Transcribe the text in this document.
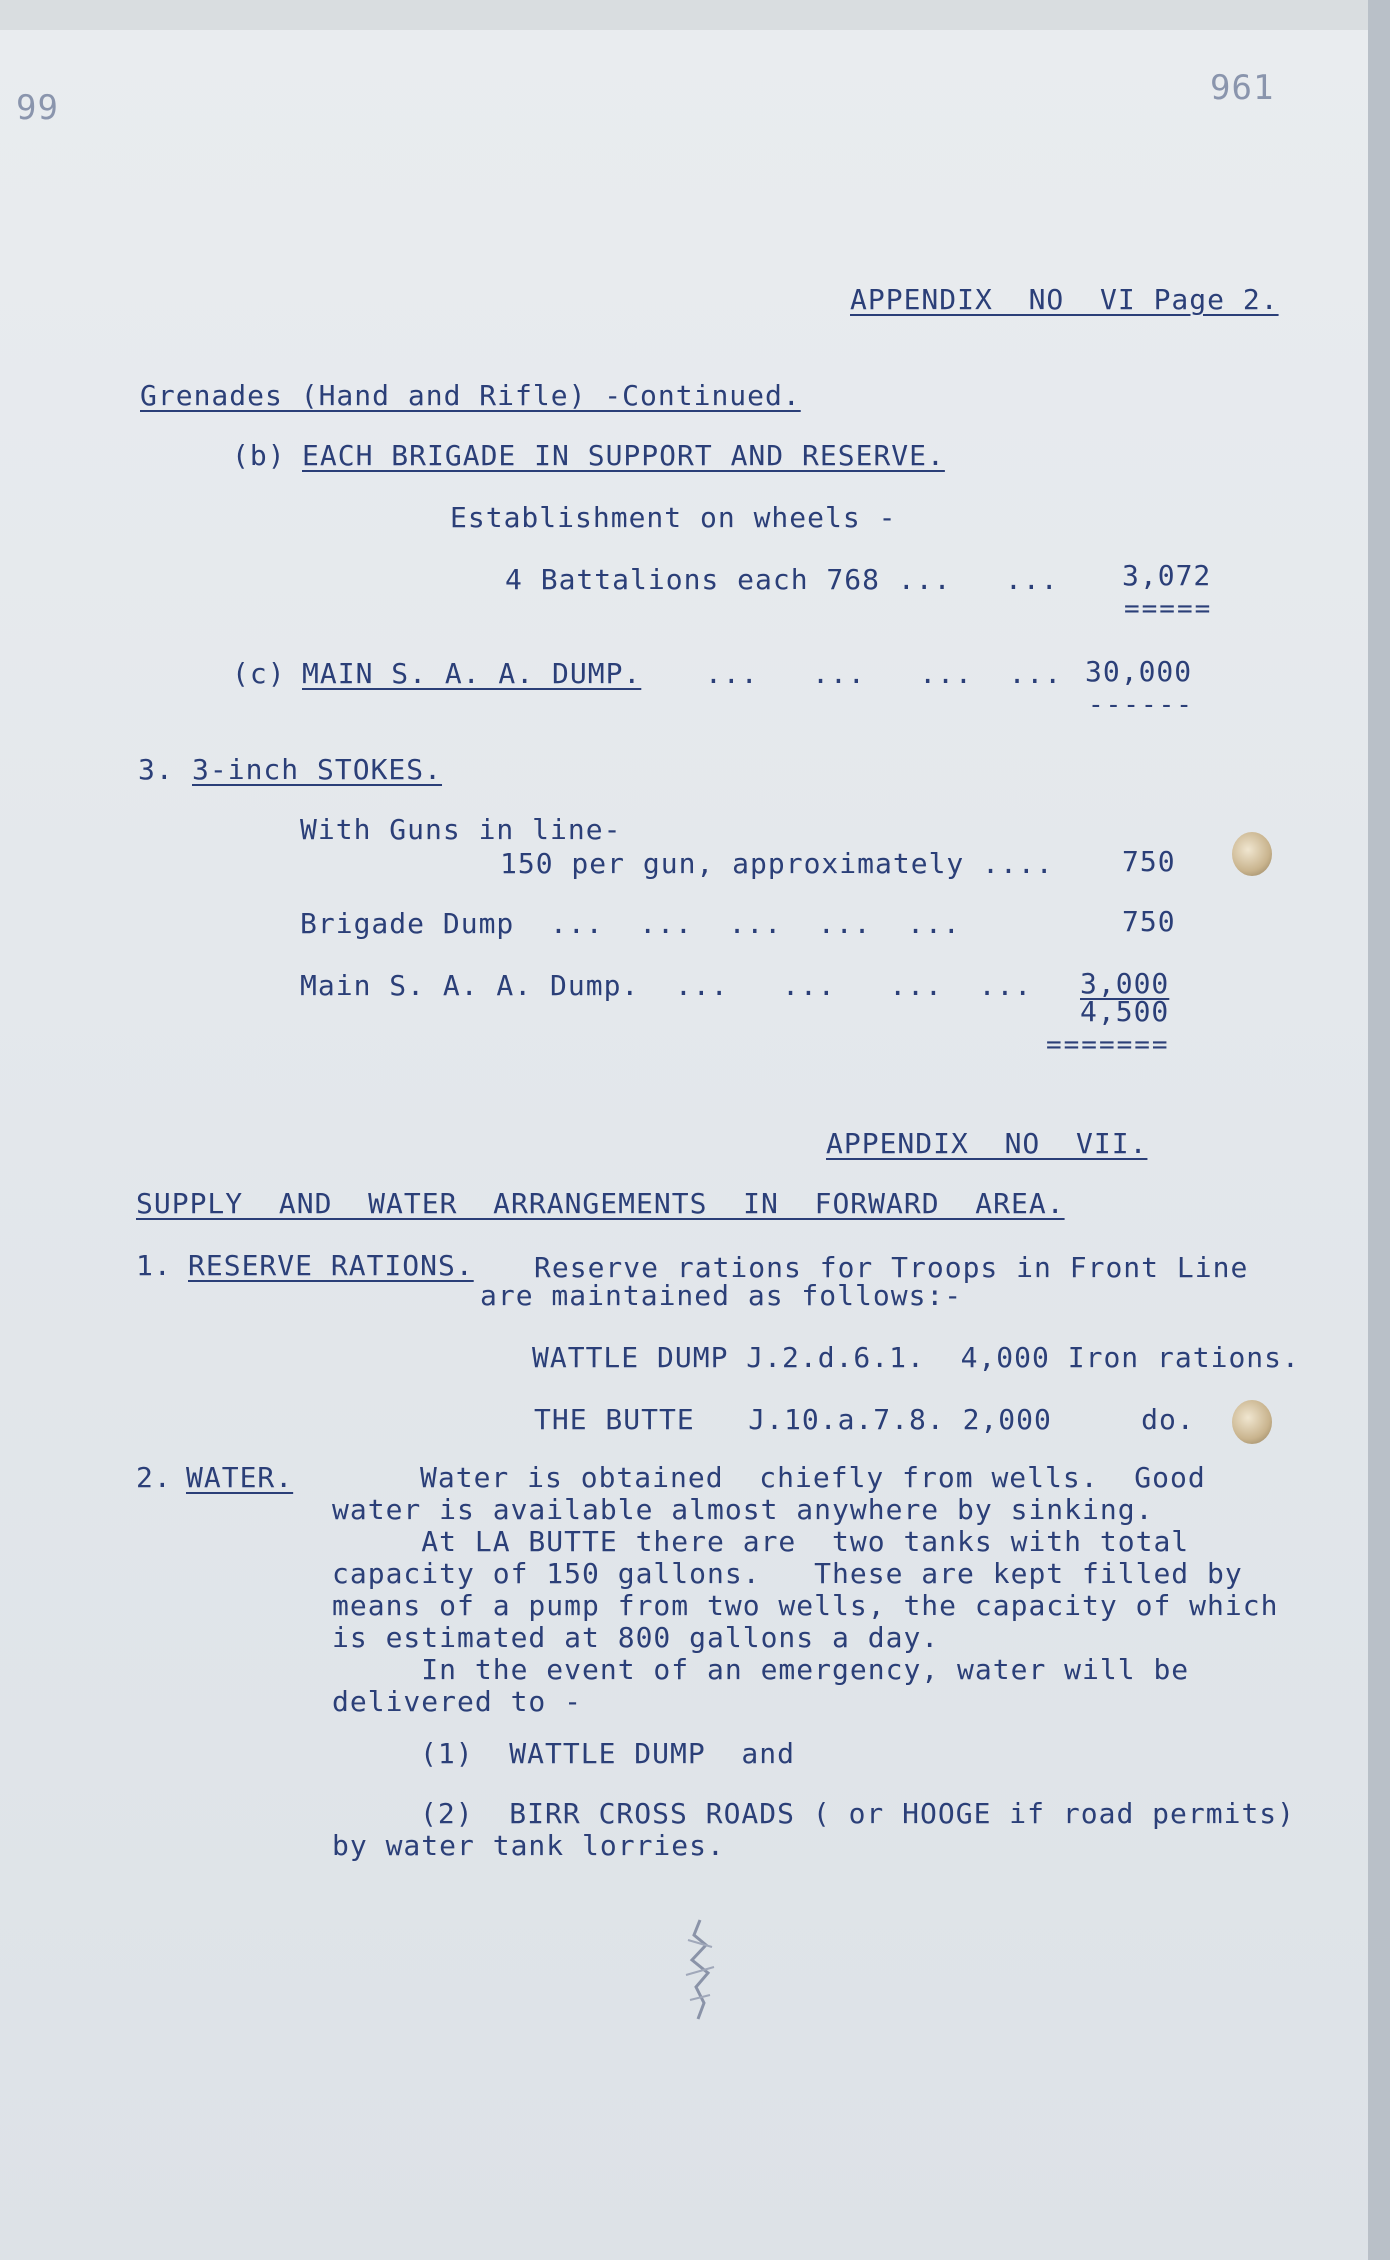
99	961
APPENDIX  NO  VI Page 2.
Grenades (Hand and Rifle) -Continued.
(b) EACH BRIGADE IN SUPPORT AND RESERVE.
Establishment on wheels -
4 Battalions each 768 ...   ... 3,072
=====
(c) MAIN S. A. A. DUMP. ...   ...   ...  ... 30,000
------
3. 3-inch STOKES.
With Guns in line-
150 per gun, approximately .... 750
Brigade Dump  ...  ...  ...  ...  ...	750
Main S. A. A. Dump.  ...   ...   ...  ... 3,000
4,500
=======
APPENDIX  NO  VII.
SUPPLY  AND  WATER  ARRANGEMENTS  IN  FORWARD  AREA.
1. RESERVE RATIONS. Reserve rations for Troops in Front Line
are maintained as follows:-
WATTLE DUMP J.2.d.6.1.  4,000 Iron rations.
THE BUTTE   J.10.a.7.8. 2,000     do.
2. WATER.	Water is obtained  chiefly from wells.  Good
water is available almost anywhere by sinking.
At LA BUTTE there are  two tanks with total
capacity of 150 gallons.   These are kept filled by
means of a pump from two wells, the capacity of which
is estimated at 800 gallons a day.
In the event of an emergency, water will be
delivered to -
(1)  WATTLE DUMP  and
(2)  BIRR CROSS ROADS ( or HOOGE if road permits)
by water tank lorries.
